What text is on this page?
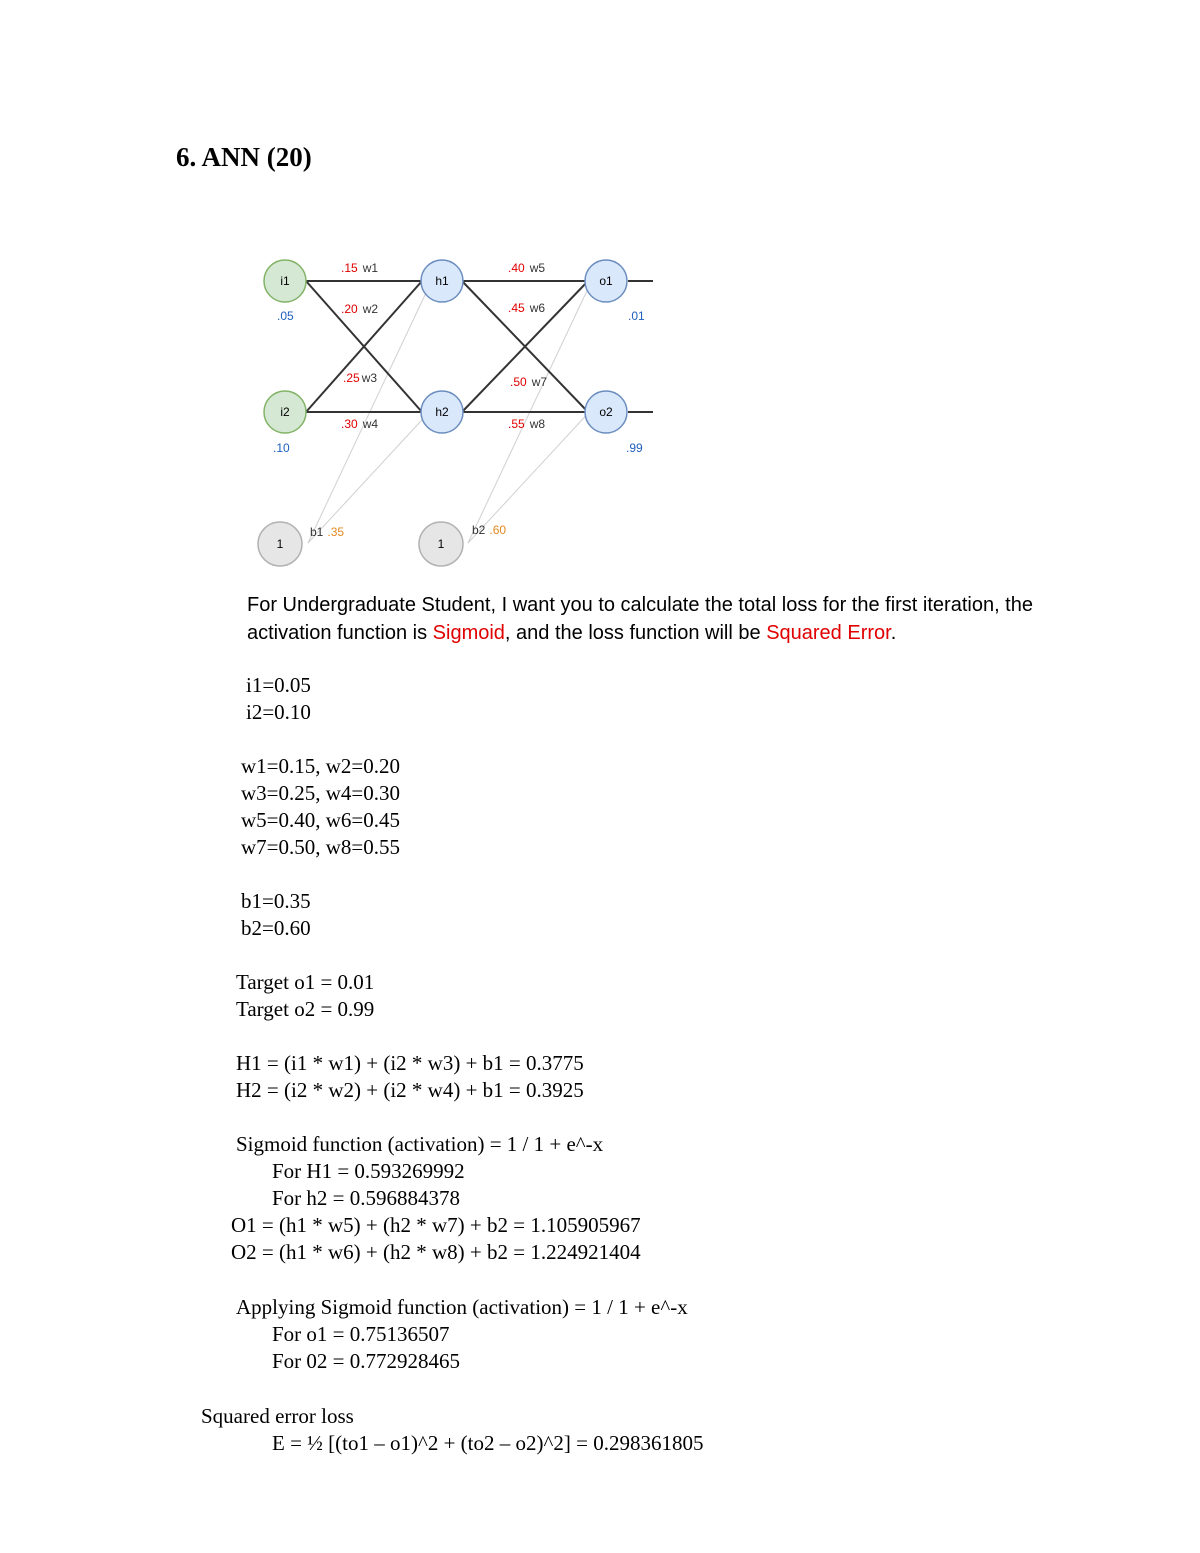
6. ANN (20)
i1
i2
h1
h2
o1
o2
1	1
.05
.10
.01
.99
.15 w1
.20 w2
.25 w3
.30 w4
.40 w5
.45 w6
.50 w7
.55 w8
b1 .35	b2 .60
For Undergraduate Student, I want you to calculate the total loss for the first iteration, the
activation function is Sigmoid, and the loss function will be Squared Error.
i1=0.05
i2=0.10
w1=0.15, w2=0.20
w3=0.25, w4=0.30
w5=0.40, w6=0.45
w7=0.50, w8=0.55
b1=0.35
b2=0.60
Target o1 = 0.01
Target o2 = 0.99
H1 = (i1 * w1) + (i2 * w3) + b1 = 0.3775
H2 = (i2 * w2) + (i2 * w4) + b1 = 0.3925
Sigmoid function (activation) = 1 / 1 + e^-x
For H1 = 0.593269992
For h2 = 0.596884378
O1 = (h1 * w5) + (h2 * w7) + b2 = 1.105905967
O2 = (h1 * w6) + (h2 * w8) + b2 = 1.224921404
Applying Sigmoid function (activation) = 1 / 1 + e^-x
For o1 = 0.75136507
For 02 = 0.772928465
Squared error loss
E = ½ [(to1 – o1)^2 + (to2 – o2)^2] = 0.298361805
